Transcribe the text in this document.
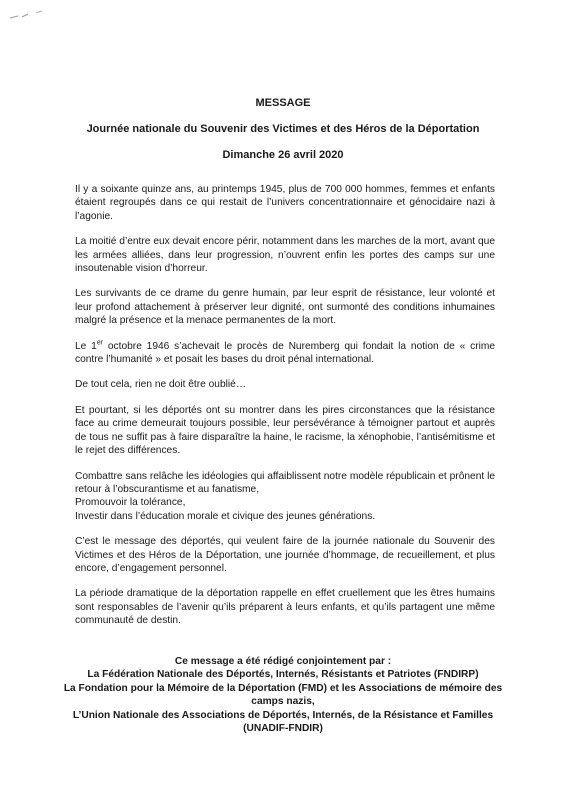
MESSAGE
Journée nationale du Souvenir des Victimes et des Héros de la Déportation
Dimanche 26 avril 2020

Il y a soixante quinze ans, au printemps 1945, plus de 700 000 hommes, femmes et enfants étaient regroupés dans ce qui restait de l’univers concentrationnaire et génocidaire nazi à l’agonie.

La moitié d’entre eux devait encore périr, notamment dans les marches de la mort, avant que les armées alliées, dans leur progression, n’ouvrent enfin les portes des camps sur une insoutenable vision d’horreur.

Les survivants de ce drame du genre humain, par leur esprit de résistance, leur volonté et leur profond attachement à préserver leur dignité, ont surmonté des conditions inhumaines malgré la présence et la menace permanentes de la mort.

Le 1er octobre 1946 s’achevait le procès de Nuremberg qui fondait la notion de « crime contre l’humanité » et posait les bases du droit pénal international.

De tout cela, rien ne doit être oublié…

Et pourtant, si les déportés ont su montrer dans les pires circonstances que la résistance face au crime demeurait toujours possible, leur persévérance à témoigner partout et auprès de tous ne suffit pas à faire disparaître la haine, le racisme, la xénophobie, l’antisémitisme et le rejet des différences.

Combattre sans relâche les idéologies qui affaiblissent notre modèle républicain et prônent le retour à l’obscurantisme et au fanatisme,

Promouvoir la tolérance,

Investir dans l’éducation morale et civique des jeunes générations.

C’est le message des déportés, qui veulent faire de la journée nationale du Souvenir des Victimes et des Héros de la Déportation, une journée d’hommage, de recueillement, et plus encore, d’engagement personnel.

La période dramatique de la déportation rappelle en effet cruellement que les êtres humains sont responsables de l’avenir qu’ils préparent à leurs enfants, et qu’ils partagent une même communauté de destin.

Ce message a été rédigé conjointement par :
La Fédération Nationale des Déportés, Internés, Résistants et Patriotes (FNDIRP)
La Fondation pour la Mémoire de la Déportation (FMD) et les Associations de mémoire des camps nazis,
L’Union Nationale des Associations de Déportés, Internés, de la Résistance et Familles (UNADIF-FNDIR)
